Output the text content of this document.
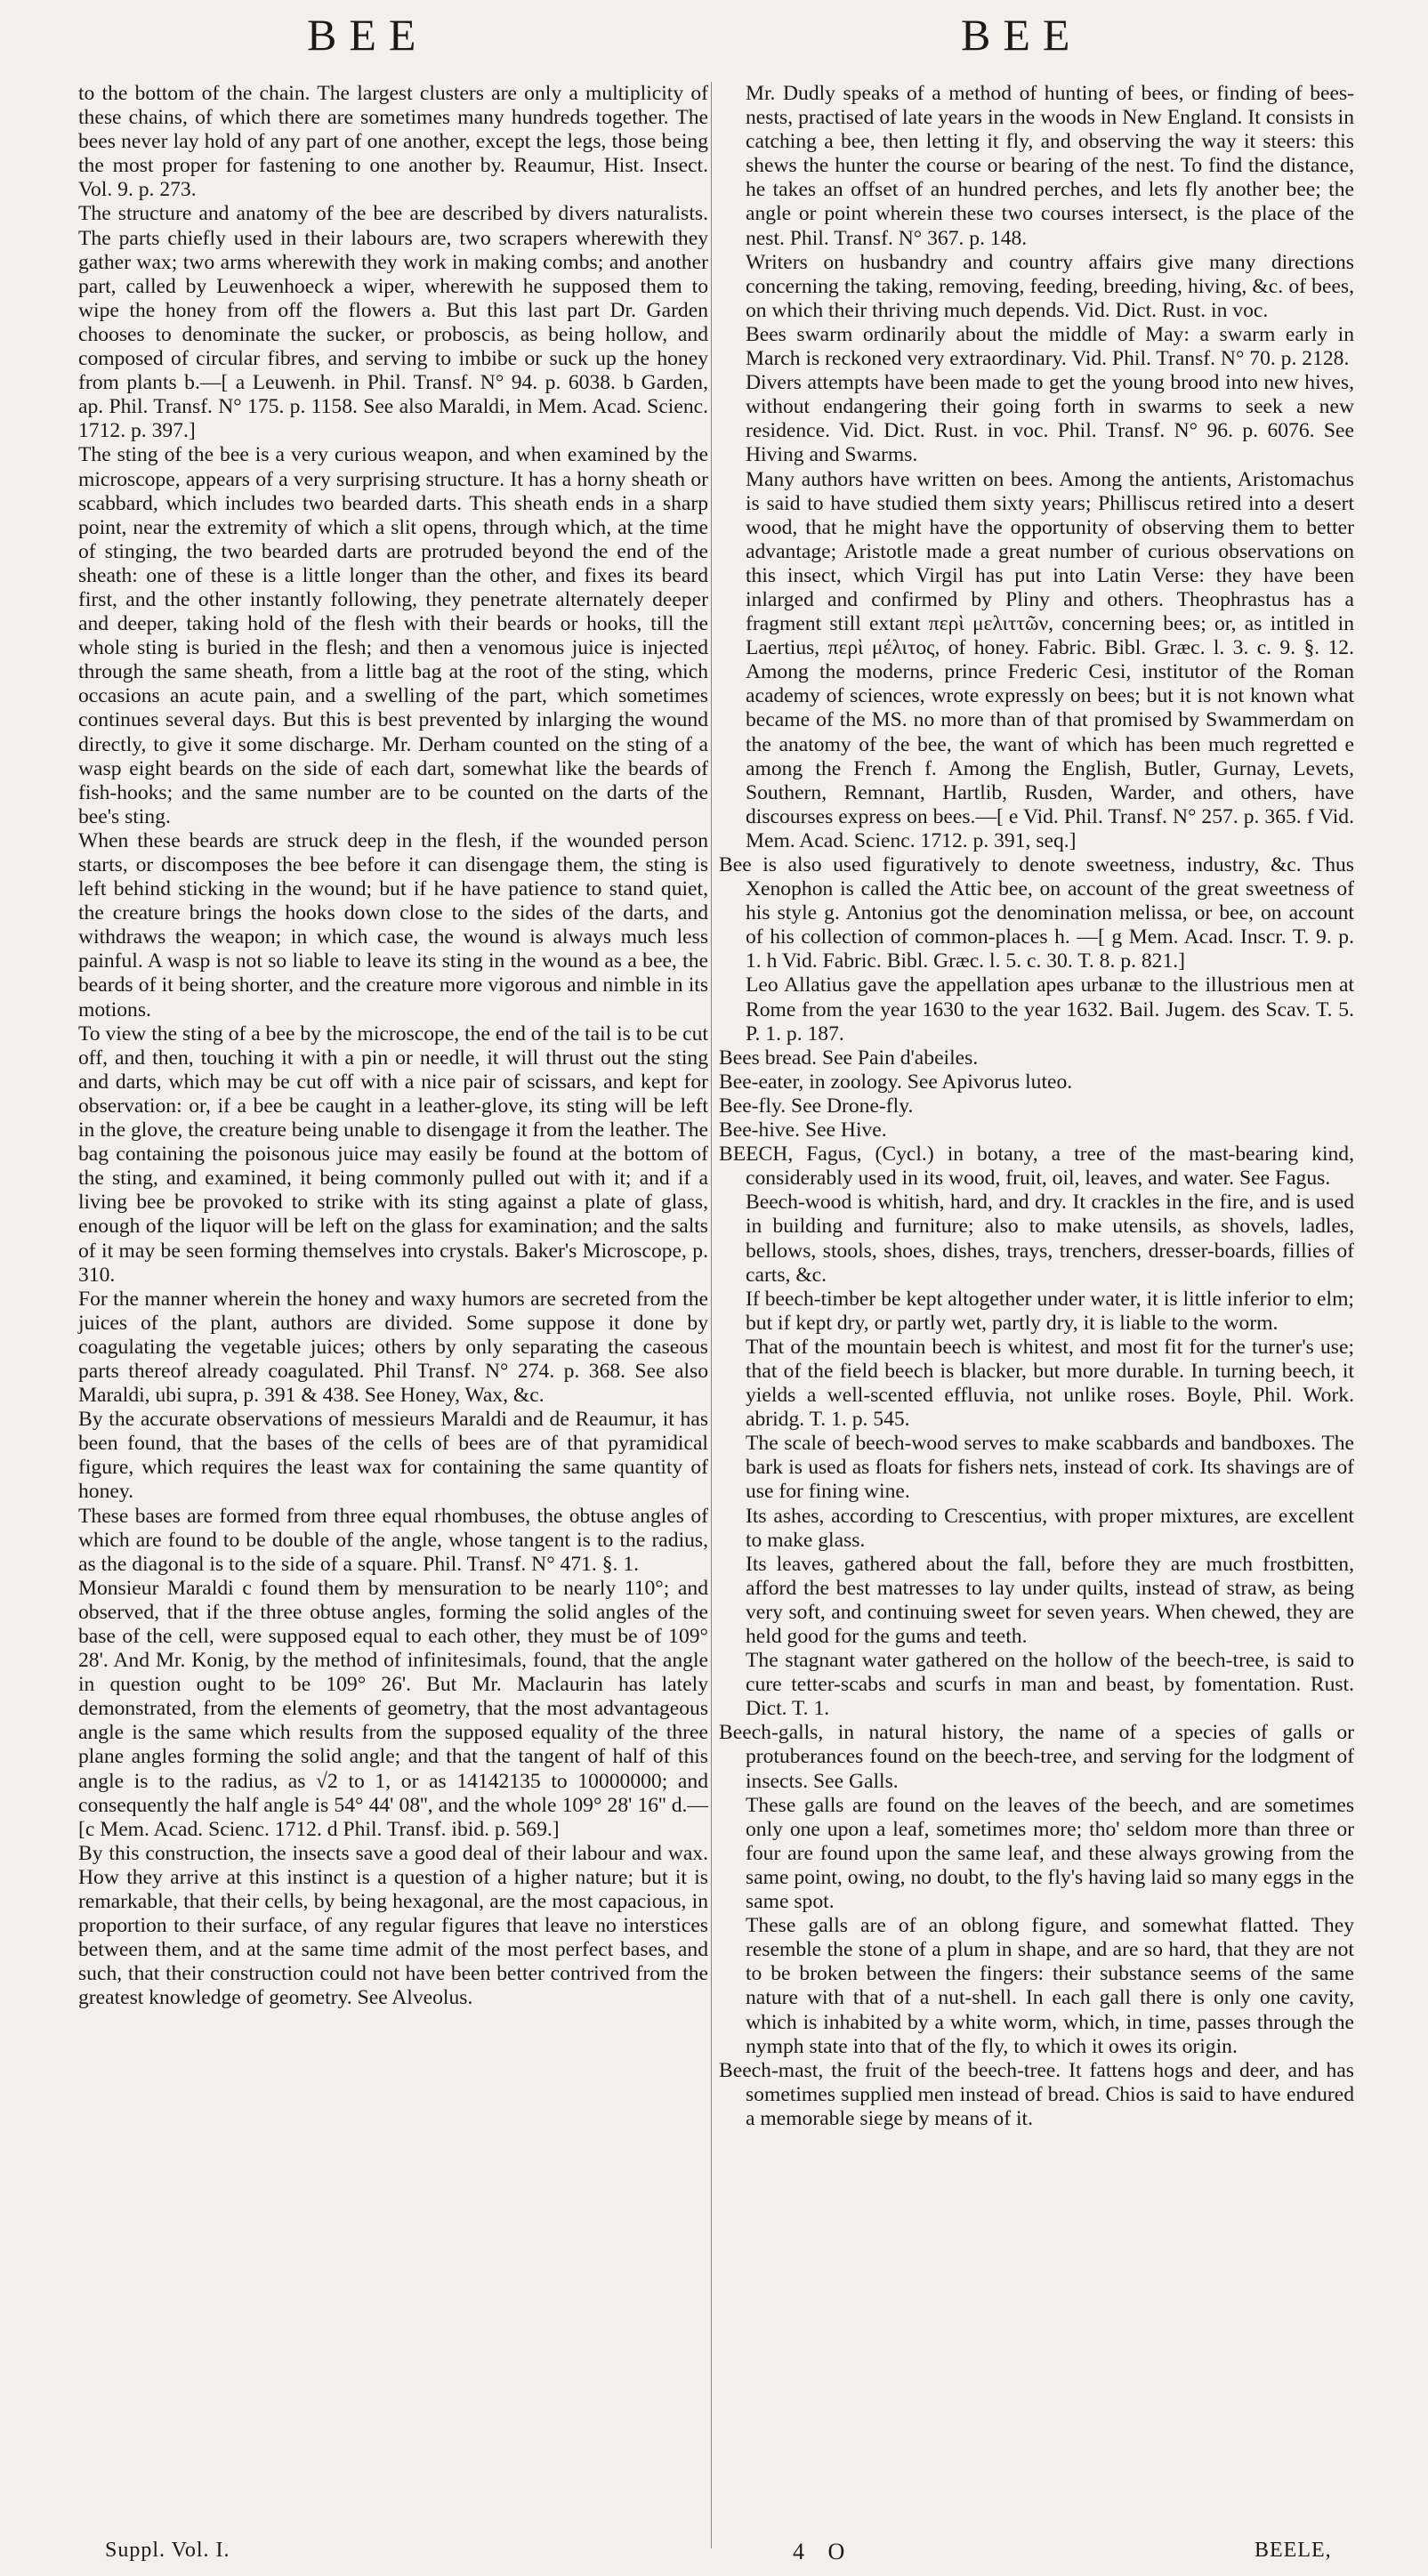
BEE	BEE

to the bottom of the chain. The largest clusters are only a multiplicity of these chains, of which there are sometimes many hundreds together. The bees never lay hold of any part of one another, except the legs, those being the most proper for fastening to one another by. Reaumur, Hist. Insect. Vol. 9. p. 273.

The structure and anatomy of the bee are described by divers naturalists. The parts chiefly used in their labours are, two scrapers wherewith they gather wax; two arms wherewith they work in making combs; and another part, called by Leuwenhoeck a wiper, wherewith he supposed them to wipe the honey from off the flowers a. But this last part Dr. Garden chooses to denominate the sucker, or proboscis, as being hollow, and composed of circular fibres, and serving to imbibe or suck up the honey from plants b.—[ a Leuwenh. in Phil. Transf. N° 94. p. 6038. b Garden, ap. Phil. Transf. N° 175. p. 1158. See also Maraldi, in Mem. Acad. Scienc. 1712. p. 397.]

The sting of the bee is a very curious weapon, and when examined by the microscope, appears of a very surprising structure. It has a horny sheath or scabbard, which includes two bearded darts. This sheath ends in a sharp point, near the extremity of which a slit opens, through which, at the time of stinging, the two bearded darts are protruded beyond the end of the sheath: one of these is a little longer than the other, and fixes its beard first, and the other instantly following, they penetrate alternately deeper and deeper, taking hold of the flesh with their beards or hooks, till the whole sting is buried in the flesh; and then a venomous juice is injected through the same sheath, from a little bag at the root of the sting, which occasions an acute pain, and a swelling of the part, which sometimes continues several days. But this is best prevented by inlarging the wound directly, to give it some discharge. Mr. Derham counted on the sting of a wasp eight beards on the side of each dart, somewhat like the beards of fish-hooks; and the same number are to be counted on the darts of the bee's sting.

When these beards are struck deep in the flesh, if the wounded person starts, or discomposes the bee before it can disengage them, the sting is left behind sticking in the wound; but if he have patience to stand quiet, the creature brings the hooks down close to the sides of the darts, and withdraws the weapon; in which case, the wound is always much less painful. A wasp is not so liable to leave its sting in the wound as a bee, the beards of it being shorter, and the creature more vigorous and nimble in its motions.

To view the sting of a bee by the microscope, the end of the tail is to be cut off, and then, touching it with a pin or needle, it will thrust out the sting and darts, which may be cut off with a nice pair of scissars, and kept for observation: or, if a bee be caught in a leather-glove, its sting will be left in the glove, the creature being unable to disengage it from the leather. The bag containing the poisonous juice may easily be found at the bottom of the sting, and examined, it being commonly pulled out with it; and if a living bee be provoked to strike with its sting against a plate of glass, enough of the liquor will be left on the glass for examination; and the salts of it may be seen forming themselves into crystals. Baker's Microscope, p. 310.

For the manner wherein the honey and waxy humors are secreted from the juices of the plant, authors are divided. Some suppose it done by coagulating the vegetable juices; others by only separating the caseous parts thereof already coagulated. Phil Transf. N° 274. p. 368. See also Maraldi, ubi supra, p. 391 & 438. See Honey, Wax, &c.

By the accurate observations of messieurs Maraldi and de Reaumur, it has been found, that the bases of the cells of bees are of that pyramidical figure, which requires the least wax for containing the same quantity of honey.

These bases are formed from three equal rhombuses, the obtuse angles of which are found to be double of the angle, whose tangent is to the radius, as the diagonal is to the side of a square. Phil. Transf. N° 471. §. 1.

Monsieur Maraldi c found them by mensuration to be nearly 110°; and observed, that if the three obtuse angles, forming the solid angles of the base of the cell, were supposed equal to each other, they must be of 109° 28'. And Mr. Konig, by the method of infinitesimals, found, that the angle in question ought to be 109° 26'. But Mr. Maclaurin has lately demonstrated, from the elements of geometry, that the most advantageous angle is the same which results from the supposed equality of the three plane angles forming the solid angle; and that the tangent of half of this angle is to the radius, as √2 to 1, or as 14142135 to 10000000; and consequently the half angle is 54° 44' 08'', and the whole 109° 28' 16'' d.—[c Mem. Acad. Scienc. 1712. d Phil. Transf. ibid. p. 569.]

By this construction, the insects save a good deal of their labour and wax. How they arrive at this instinct is a question of a higher nature; but it is remarkable, that their cells, by being hexagonal, are the most capacious, in proportion to their surface, of any regular figures that leave no interstices between them, and at the same time admit of the most perfect bases, and such, that their construction could not have been better contrived from the greatest knowledge of geometry. See Alveolus.

Mr. Dudly speaks of a method of hunting of bees, or finding of bees-nests, practised of late years in the woods in New England. It consists in catching a bee, then letting it fly, and observing the way it steers: this shews the hunter the course or bearing of the nest. To find the distance, he takes an offset of an hundred perches, and lets fly another bee; the angle or point wherein these two courses intersect, is the place of the nest. Phil. Transf. N° 367. p. 148.

Writers on husbandry and country affairs give many directions concerning the taking, removing, feeding, breeding, hiving, &c. of bees, on which their thriving much depends. Vid. Dict. Rust. in voc.

Bees swarm ordinarily about the middle of May: a swarm early in March is reckoned very extraordinary. Vid. Phil. Transf. N° 70. p. 2128.

Divers attempts have been made to get the young brood into new hives, without endangering their going forth in swarms to seek a new residence. Vid. Dict. Rust. in voc. Phil. Transf. N° 96. p. 6076. See Hiving and Swarms.

Many authors have written on bees. Among the antients, Aristomachus is said to have studied them sixty years; Philliscus retired into a desert wood, that he might have the opportunity of observing them to better advantage; Aristotle made a great number of curious observations on this insect, which Virgil has put into Latin Verse: they have been inlarged and confirmed by Pliny and others. Theophrastus has a fragment still extant περὶ μελιττῶν, concerning bees; or, as intitled in Laertius, περὶ μέλιτος, of honey. Fabric. Bibl. Græc. l. 3. c. 9. §. 12. Among the moderns, prince Frederic Cesi, institutor of the Roman academy of sciences, wrote expressly on bees; but it is not known what became of the MS. no more than of that promised by Swammerdam on the anatomy of the bee, the want of which has been much regretted e among the French f. Among the English, Butler, Gurnay, Levets, Southern, Remnant, Hartlib, Rusden, Warder, and others, have discourses express on bees.—[ e Vid. Phil. Transf. N° 257. p. 365. f Vid. Mem. Acad. Scienc. 1712. p. 391, seq.]

Bee is also used figuratively to denote sweetness, industry, &c. Thus Xenophon is called the Attic bee, on account of the great sweetness of his style g. Antonius got the denomination melissa, or bee, on account of his collection of common-places h. —[ g Mem. Acad. Inscr. T. 9. p. 1. h Vid. Fabric. Bibl. Græc. l. 5. c. 30. T. 8. p. 821.]

Leo Allatius gave the appellation apes urbanæ to the illustrious men at Rome from the year 1630 to the year 1632. Bail. Jugem. des Scav. T. 5. P. 1. p. 187.

Bees bread. See Pain d'abeiles.

Bee-eater, in zoology. See Apivorus luteo.

Bee-fly. See Drone-fly.

Bee-hive. See Hive.

BEECH, Fagus, (Cycl.) in botany, a tree of the mast-bearing kind, considerably used in its wood, fruit, oil, leaves, and water. See Fagus.

Beech-wood is whitish, hard, and dry. It crackles in the fire, and is used in building and furniture; also to make utensils, as shovels, ladles, bellows, stools, shoes, dishes, trays, trenchers, dresser-boards, fillies of carts, &c.

If beech-timber be kept altogether under water, it is little inferior to elm; but if kept dry, or partly wet, partly dry, it is liable to the worm.

That of the mountain beech is whitest, and most fit for the turner's use; that of the field beech is blacker, but more durable. In turning beech, it yields a well-scented effluvia, not unlike roses. Boyle, Phil. Work. abridg. T. 1. p. 545.

The scale of beech-wood serves to make scabbards and bandboxes. The bark is used as floats for fishers nets, instead of cork. Its shavings are of use for fining wine.

Its ashes, according to Crescentius, with proper mixtures, are excellent to make glass.

Its leaves, gathered about the fall, before they are much frostbitten, afford the best matresses to lay under quilts, instead of straw, as being very soft, and continuing sweet for seven years. When chewed, they are held good for the gums and teeth.

The stagnant water gathered on the hollow of the beech-tree, is said to cure tetter-scabs and scurfs in man and beast, by fomentation. Rust. Dict. T. 1.

Beech-galls, in natural history, the name of a species of galls or protuberances found on the beech-tree, and serving for the lodgment of insects. See Galls.

These galls are found on the leaves of the beech, and are sometimes only one upon a leaf, sometimes more; tho' seldom more than three or four are found upon the same leaf, and these always growing from the same point, owing, no doubt, to the fly's having laid so many eggs in the same spot.

These galls are of an oblong figure, and somewhat flatted. They resemble the stone of a plum in shape, and are so hard, that they are not to be broken between the fingers: their substance seems of the same nature with that of a nut-shell. In each gall there is only one cavity, which is inhabited by a white worm, which, in time, passes through the nymph state into that of the fly, to which it owes its origin.

Beech-mast, the fruit of the beech-tree. It fattens hogs and deer, and has sometimes supplied men instead of bread. Chios is said to have endured a memorable siege by means of it.

Suppl. Vol. I.	4 O	BEELE,
